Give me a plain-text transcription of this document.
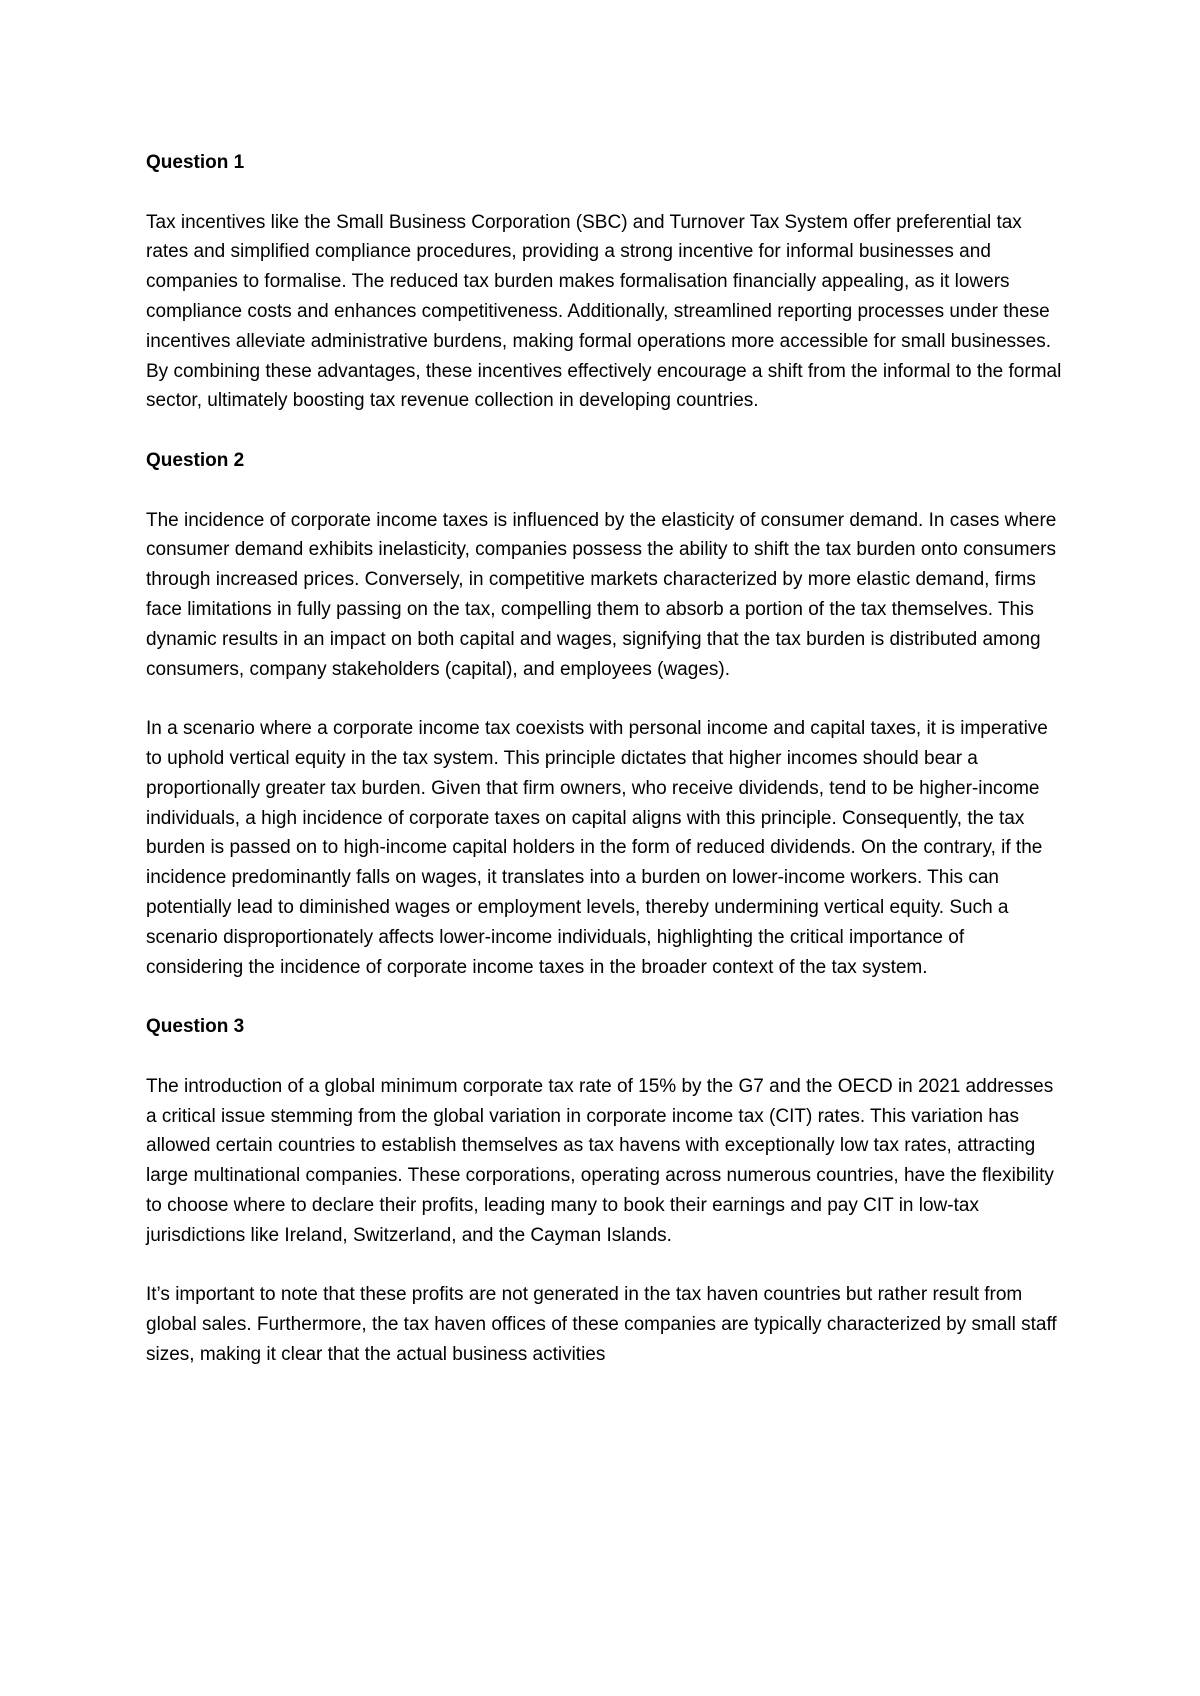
Question 1
Tax incentives like the Small Business Corporation (SBC) and Turnover Tax System offer preferential tax rates and simplified compliance procedures, providing a strong incentive for informal businesses and companies to formalise. The reduced tax burden makes formalisation financially appealing, as it lowers compliance costs and enhances competitiveness. Additionally, streamlined reporting processes under these incentives alleviate administrative burdens, making formal operations more accessible for small businesses. By combining these advantages, these incentives effectively encourage a shift from the informal to the formal sector, ultimately boosting tax revenue collection in developing countries.
Question 2
The incidence of corporate income taxes is influenced by the elasticity of consumer demand. In cases where consumer demand exhibits inelasticity, companies possess the ability to shift the tax burden onto consumers through increased prices. Conversely, in competitive markets characterized by more elastic demand, firms face limitations in fully passing on the tax, compelling them to absorb a portion of the tax themselves. This dynamic results in an impact on both capital and wages, signifying that the tax burden is distributed among consumers, company stakeholders (capital), and employees (wages).
In a scenario where a corporate income tax coexists with personal income and capital taxes, it is imperative to uphold vertical equity in the tax system. This principle dictates that higher incomes should bear a proportionally greater tax burden. Given that firm owners, who receive dividends, tend to be higher-income individuals, a high incidence of corporate taxes on capital aligns with this principle. Consequently, the tax burden is passed on to high-income capital holders in the form of reduced dividends. On the contrary, if the incidence predominantly falls on wages, it translates into a burden on lower-income workers. This can potentially lead to diminished wages or employment levels, thereby undermining vertical equity. Such a scenario disproportionately affects lower-income individuals, highlighting the critical importance of considering the incidence of corporate income taxes in the broader context of the tax system.
Question 3
The introduction of a global minimum corporate tax rate of 15% by the G7 and the OECD in 2021 addresses a critical issue stemming from the global variation in corporate income tax (CIT) rates. This variation has allowed certain countries to establish themselves as tax havens with exceptionally low tax rates, attracting large multinational companies. These corporations, operating across numerous countries, have the flexibility to choose where to declare their profits, leading many to book their earnings and pay CIT in low-tax jurisdictions like Ireland, Switzerland, and the Cayman Islands.
It’s important to note that these profits are not generated in the tax haven countries but rather result from global sales. Furthermore, the tax haven offices of these companies are typically characterized by small staff sizes, making it clear that the actual business activities
